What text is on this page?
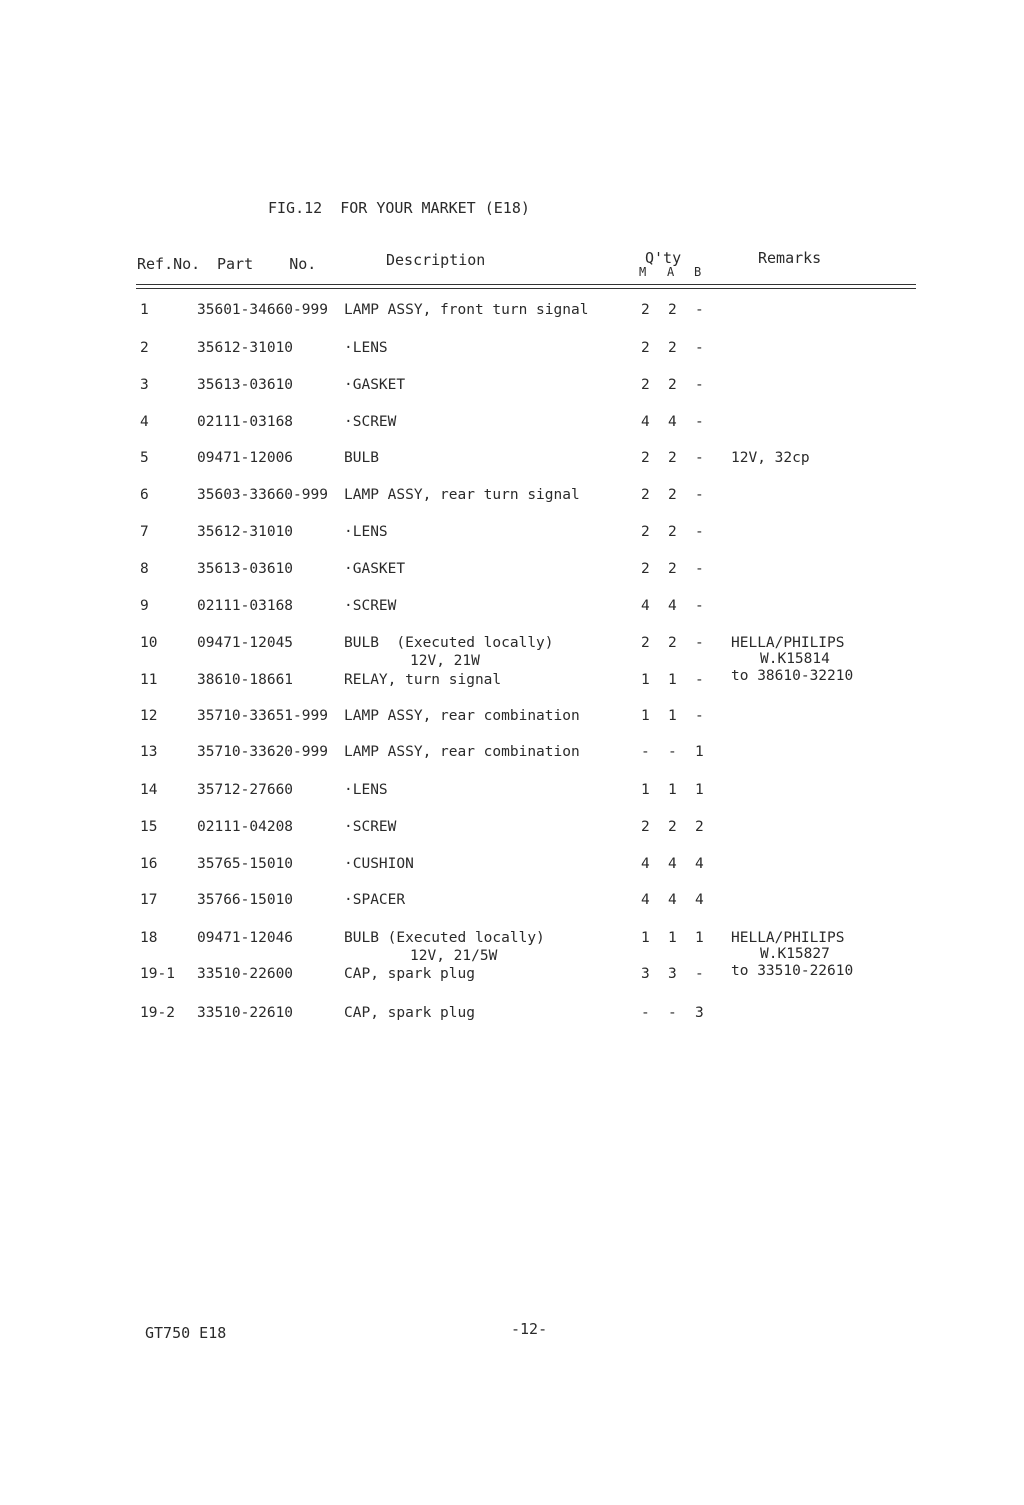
FIG.12  FOR YOUR MARKET (E18)
Ref.No. Part    No.	Description	Q'ty
M A B
Remarks
1	35601-34660-999 LAMP ASSY, front turn signal	2 2 -
2	35612-31010	·LENS	2 2 -
3	35613-03610	·GASKET	2 2 -
4	02111-03168	·SCREW	4 4 -
5	09471-12006	BULB	2 2 - 12V, 32cp
6	35603-33660-999 LAMP ASSY, rear turn signal	2 2 -
7	35612-31010	·LENS	2 2 -
8	35613-03610	·GASKET	2 2 -
9	02111-03168	·SCREW	4 4 -
10	09471-12045	BULB  (Executed locally)	2 2 - HELLA/PHILIPS
12V, 21W	W.K15814
to 38610-32210
11	38610-18661	RELAY, turn signal	1 1 -
12	35710-33651-999 LAMP ASSY, rear combination	1 1 -
13	35710-33620-999 LAMP ASSY, rear combination	- - 1
14	35712-27660	·LENS	1 1 1
15	02111-04208	·SCREW	2 2 2
16	35765-15010	·CUSHION	4 4 4
17	35766-15010	·SPACER	4 4 4
18	09471-12046	BULB (Executed locally)	1 1 1 HELLA/PHILIPS
12V, 21/5W	W.K15827
to 33510-22610
19-1 33510-22600	CAP, spark plug	3 3 -
19-2 33510-22610	CAP, spark plug	- - 3
GT750 E18	-12-
